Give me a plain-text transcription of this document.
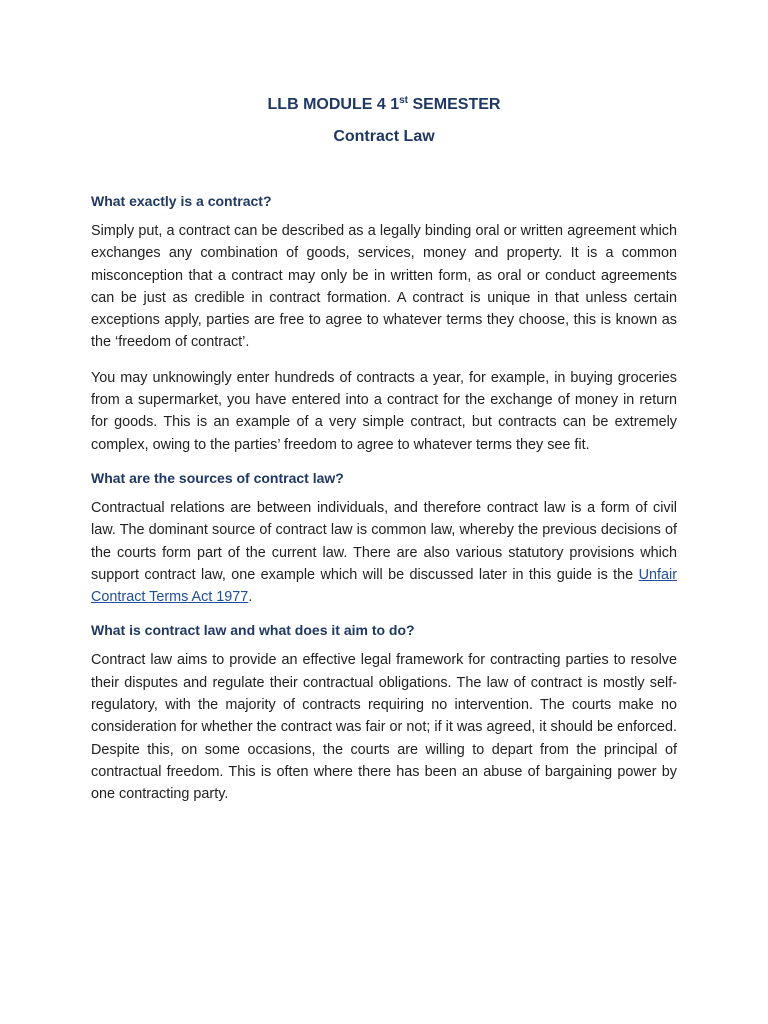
LLB MODULE 4 1st SEMESTER
Contract Law
What exactly is a contract?

Simply put, a contract can be described as a legally binding oral or written agreement which exchanges any combination of goods, services, money and property. It is a common misconception that a contract may only be in written form, as oral or conduct agreements can be just as credible in contract formation. A contract is unique in that unless certain exceptions apply, parties are free to agree to whatever terms they choose, this is known as the ‘freedom of contract’.

You may unknowingly enter hundreds of contracts a year, for example, in buying groceries from a supermarket, you have entered into a contract for the exchange of money in return for goods. This is an example of a very simple contract, but contracts can be extremely complex, owing to the parties’ freedom to agree to whatever terms they see fit.

What are the sources of contract law?

Contractual relations are between individuals, and therefore contract law is a form of civil law. The dominant source of contract law is common law, whereby the previous decisions of the courts form part of the current law. There are also various statutory provisions which support contract law, one example which will be discussed later in this guide is the Unfair Contract Terms Act 1977.

What is contract law and what does it aim to do?

Contract law aims to provide an effective legal framework for contracting parties to resolve their disputes and regulate their contractual obligations. The law of contract is mostly self-regulatory, with the majority of contracts requiring no intervention. The courts make no consideration for whether the contract was fair or not; if it was agreed, it should be enforced. Despite this, on some occasions, the courts are willing to depart from the principal of contractual freedom. This is often where there has been an abuse of bargaining power by one contracting party.
